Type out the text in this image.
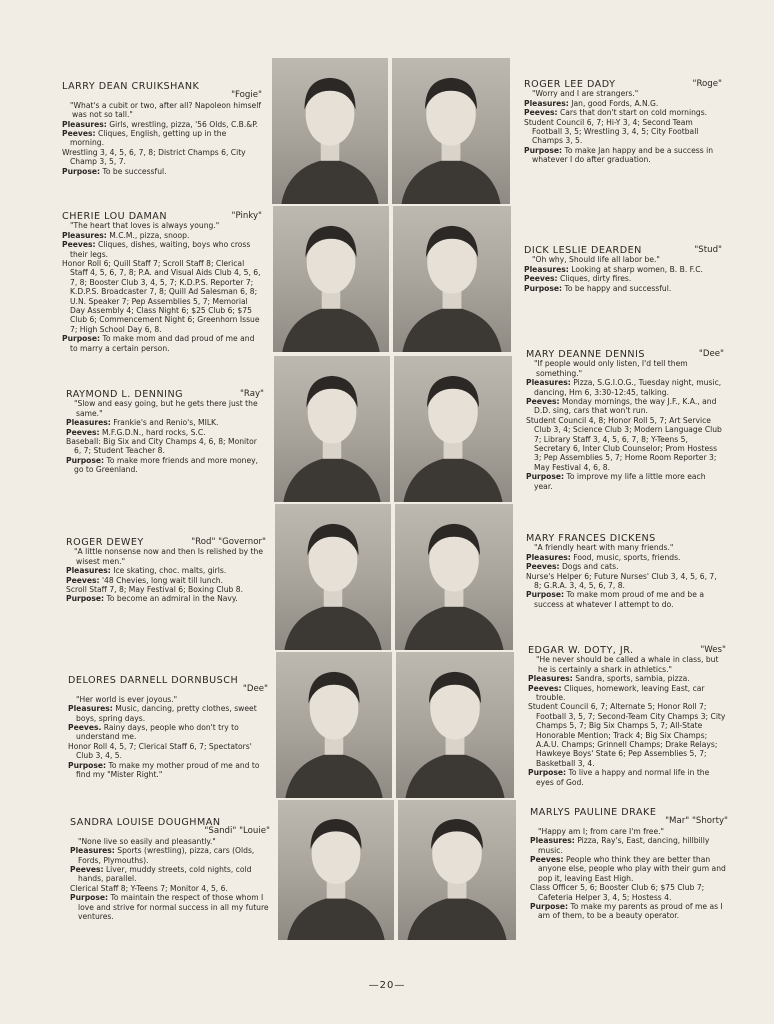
LARRY DEAN CRUIKSHANK
"Fogie"
"What's a cubit or two, after all? Napoleon himself was not so tall."
Pleasures: Girls, wrestling, pizza, '56 Olds, C.B.&P.
Peeves: Cliques, English, getting up in the morning.
Wrestling 3, 4, 5, 6, 7, 8; District Champs 6, City Champ 3, 5, 7.
Purpose: To be successful.
CHERIE LOU DAMAN	"Pinky"
"The heart that loves is always young."
Pleasures: M.C.M., pizza, snoop.
Peeves: Cliques, dishes, waiting, boys who cross their legs.
Honor Roll 6; Quill Staff 7; Scroll Staff 8; Clerical Staff 4, 5, 6, 7, 8; P.A. and Visual Aids Club 4, 5, 6, 7, 8; Booster Club 3, 4, 5, 7; K.D.P.S. Reporter 7; K.D.P.S. Broadcaster 7, 8; Quill Ad Salesman 6, 8; U.N. Speaker 7; Pep Assemblies 5, 7; Memorial Day Assembly 4; Class Night 6; $25 Club 6; $75 Club 6; Commencement Night 6; Greenhorn Issue 7; High School Day 6, 8.
Purpose: To make mom and dad proud of me and to marry a certain person.
RAYMOND L. DENNING	"Ray"
"Slow and easy going, but he gets there just the same."
Pleasures: Frankie's and Renio's, MILK.
Peeves: M.F.G.D.N., hard rocks, S.C.
Baseball: Big Six and City Champs 4, 6, 8; Monitor 6, 7; Student Teacher 8.
Purpose: To make more friends and more money, go to Greenland.
ROGER DEWEY	"Rod" "Governor"
"A little nonsense now and then Is relished by the wisest men."
Pleasures: Ice skating, choc. malts, girls.
Peeves: '48 Chevies, long wait till lunch.
Scroll Staff 7, 8; May Festival 6; Boxing Club 8.
Purpose: To become an admiral in the Navy.
DELORES DARNELL DORNBUSCH
"Dee"
"Her world is ever joyous."
Pleasures: Music, dancing, pretty clothes, sweet boys, spring days.
Peeves. Rainy days, people who don't try to understand me.
Honor Roll 4, 5, 7; Clerical Staff 6, 7; Spectators' Club 3, 4, 5.
Purpose: To make my mother proud of me and to find my "Mister Right."
SANDRA LOUISE DOUGHMAN
"Sandi" "Louie"
"None live so easily and pleasantly."
Pleasures: Sports (wrestling), pizza, cars (Olds, Fords, Plymouths).
Peeves: Liver, muddy streets, cold nights, cold hands, parallel.
Clerical Staff 8; Y-Teens 7; Monitor 4, 5, 6.
Purpose: To maintain the respect of those whom I love and strive for normal success in all my future ventures.
ROGER LEE DADY	"Roge"
"Worry and I are strangers."
Pleasures: Jan, good Fords, A.N.G.
Peeves: Cars that don't start on cold mornings.
Student Council 6, 7; Hi-Y 3, 4; Second Team Football 3, 5; Wrestling 3, 4, 5; City Football Champs 3, 5.
Purpose: To make Jan happy and be a success in whatever I do after graduation.
DICK LESLIE DEARDEN	"Stud"
"Oh why, Should life all labor be."
Pleasures: Looking at sharp women, B. B. F.C.
Peeves: Cliques, dirty fires.
Purpose: To be happy and successful.
MARY DEANNE DENNIS	"Dee"
"If people would only listen, I'd tell them something."
Pleasures: Pizza, S.G.I.O.G., Tuesday night, music, dancing, Hm 6, 3:30-12:45, talking.
Peeves: Monday mornings, the way J.F., K.A., and D.D. sing, cars that won't run.
Student Council 4, 8; Honor Roll 5, 7; Art Service Club 3, 4; Science Club 3; Modern Language Club 7; Library Staff 3, 4, 5, 6, 7, 8; Y-Teens 5, Secretary 6, Inter Club Counselor; Prom Hostess 3; Pep Assemblies 5, 7; Home Room Reporter 3; May Festival 4, 6, 8.
Purpose: To improve my life a little more each year.
MARY FRANCES DICKENS
"A friendly heart with many friends."
Pleasures: Food, music, sports, friends.
Peeves: Dogs and cats.
Nurse's Helper 6; Future Nurses' Club 3, 4, 5, 6, 7, 8; G.R.A. 3, 4, 5, 6, 7, 8.
Purpose: To make mom proud of me and be a success at whatever I attempt to do.
EDGAR W. DOTY, JR.	"Wes"
"He never should be called a whale in class, but he is certainly a shark in athletics."
Pleasures: Sandra, sports, sambia, pizza.
Peeves: Cliques, homework, leaving East, car trouble.
Student Council 6, 7; Alternate 5; Honor Roll 7; Football 3, 5, 7; Second-Team City Champs 3; City Champs 5, 7; Big Six Champs 5, 7; All-State Honorable Mention; Track 4; Big Six Champs; A.A.U. Champs; Grinnell Champs; Drake Relays; Hawkeye Boys' State 6; Pep Assemblies 5, 7; Basketball 3, 4.
Purpose: To live a happy and normal life in the eyes of God.
MARLYS PAULINE DRAKE
"Mar" "Shorty"
"Happy am I; from care I'm free."
Pleasures: Pizza, Ray's, East, dancing, hillbilly music.
Peeves: People who think they are better than anyone else, people who play with their gum and pop it, leaving East High.
Class Officer 5, 6; Booster Club 6; $75 Club 7; Cafeteria Helper 3, 4, 5; Hostess 4.
Purpose: To make my parents as proud of me as I am of them, to be a beauty operator.
—20—
